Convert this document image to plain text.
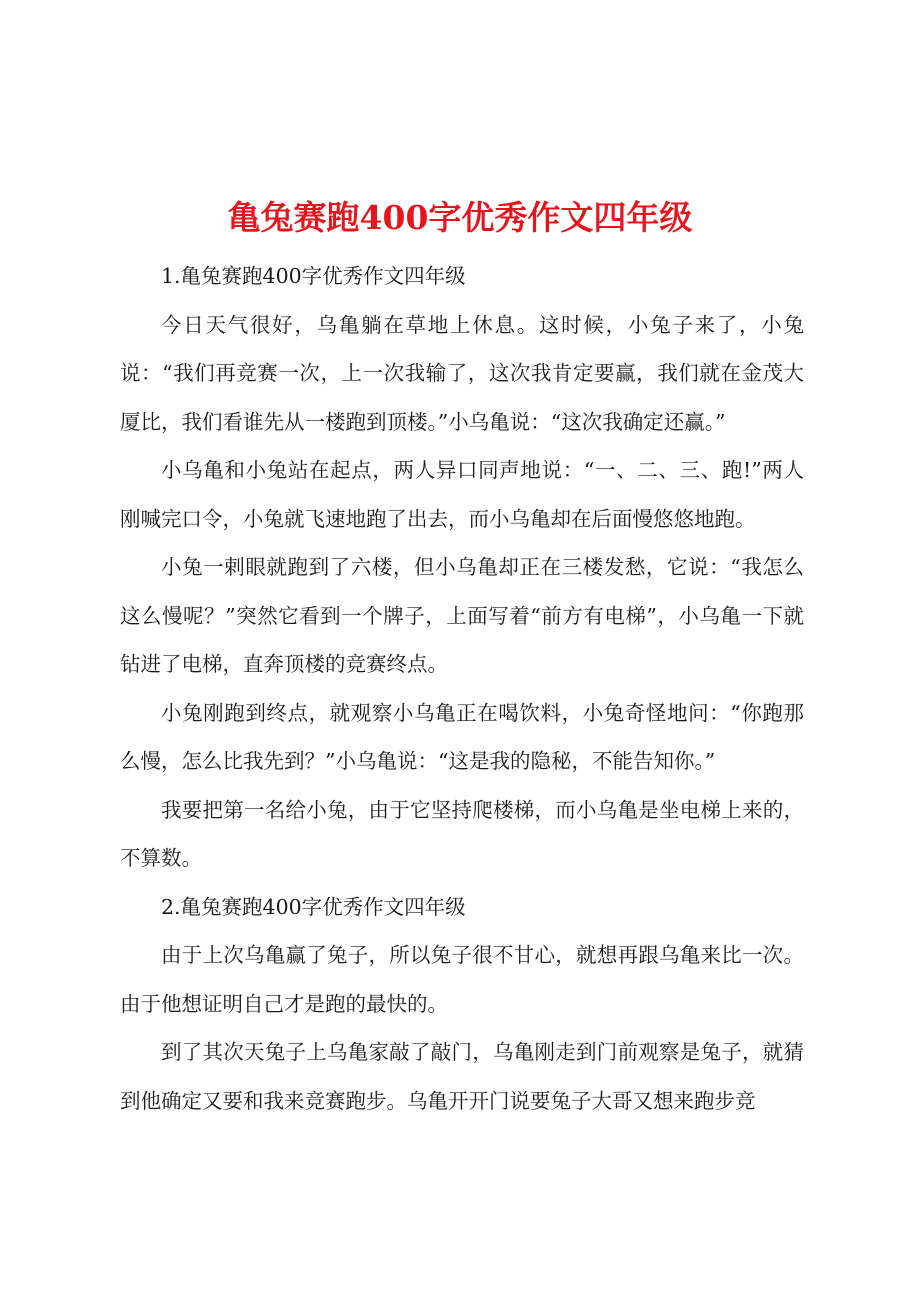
亀兔赛跑400字优秀作文四年级

1.亀兔赛跑400字优秀作文四年级

今日天气很好，乌亀躺在草地上休息。这时候，小兔子来了，小兔说：“我们再竞赛一次，上一次我输了，这次我肯定要赢，我们就在金茂大厦比，我们看谁先从一楼跑到顶楼。”小乌亀说：“这次我确定还赢。”

小乌亀和小兔站在起点，两人异口同声地说：“一、二、三、跑!”两人刚喊完口令，小兔就飞速地跑了出去，而小乌亀却在后面慢悠悠地跑。

小兔一剌眼就跑到了六楼，但小乌亀却正在三楼发愁，它说：“我怎么这么慢呢？”突然它看到一个牌子，上面写着“前方有电梯”，小乌亀一下就钻进了电梯，直奔顶楼的竞赛终点。

小兔刚跑到终点，就观察小乌亀正在喝饮料，小兔奇怪地问：“你跑那么慢，怎么比我先到？”小乌亀说：“这是我的隐秘，不能告知你。”

我要把第一名给小兔，由于它坚持爬楼梯，而小乌亀是坐电梯上来的，不算数。

2.亀兔赛跑400字优秀作文四年级

由于上次乌亀赢了兔子，所以兔子很不甘心，就想再跟乌亀来比一次。由于他想证明自己才是跑的最快的。

到了其次天兔子上乌亀家敲了敲门，乌亀刚走到门前观察是兔子，就猜到他确定又要和我来竞赛跑步。乌亀开开门说要兔子大哥又想来跑步竞
